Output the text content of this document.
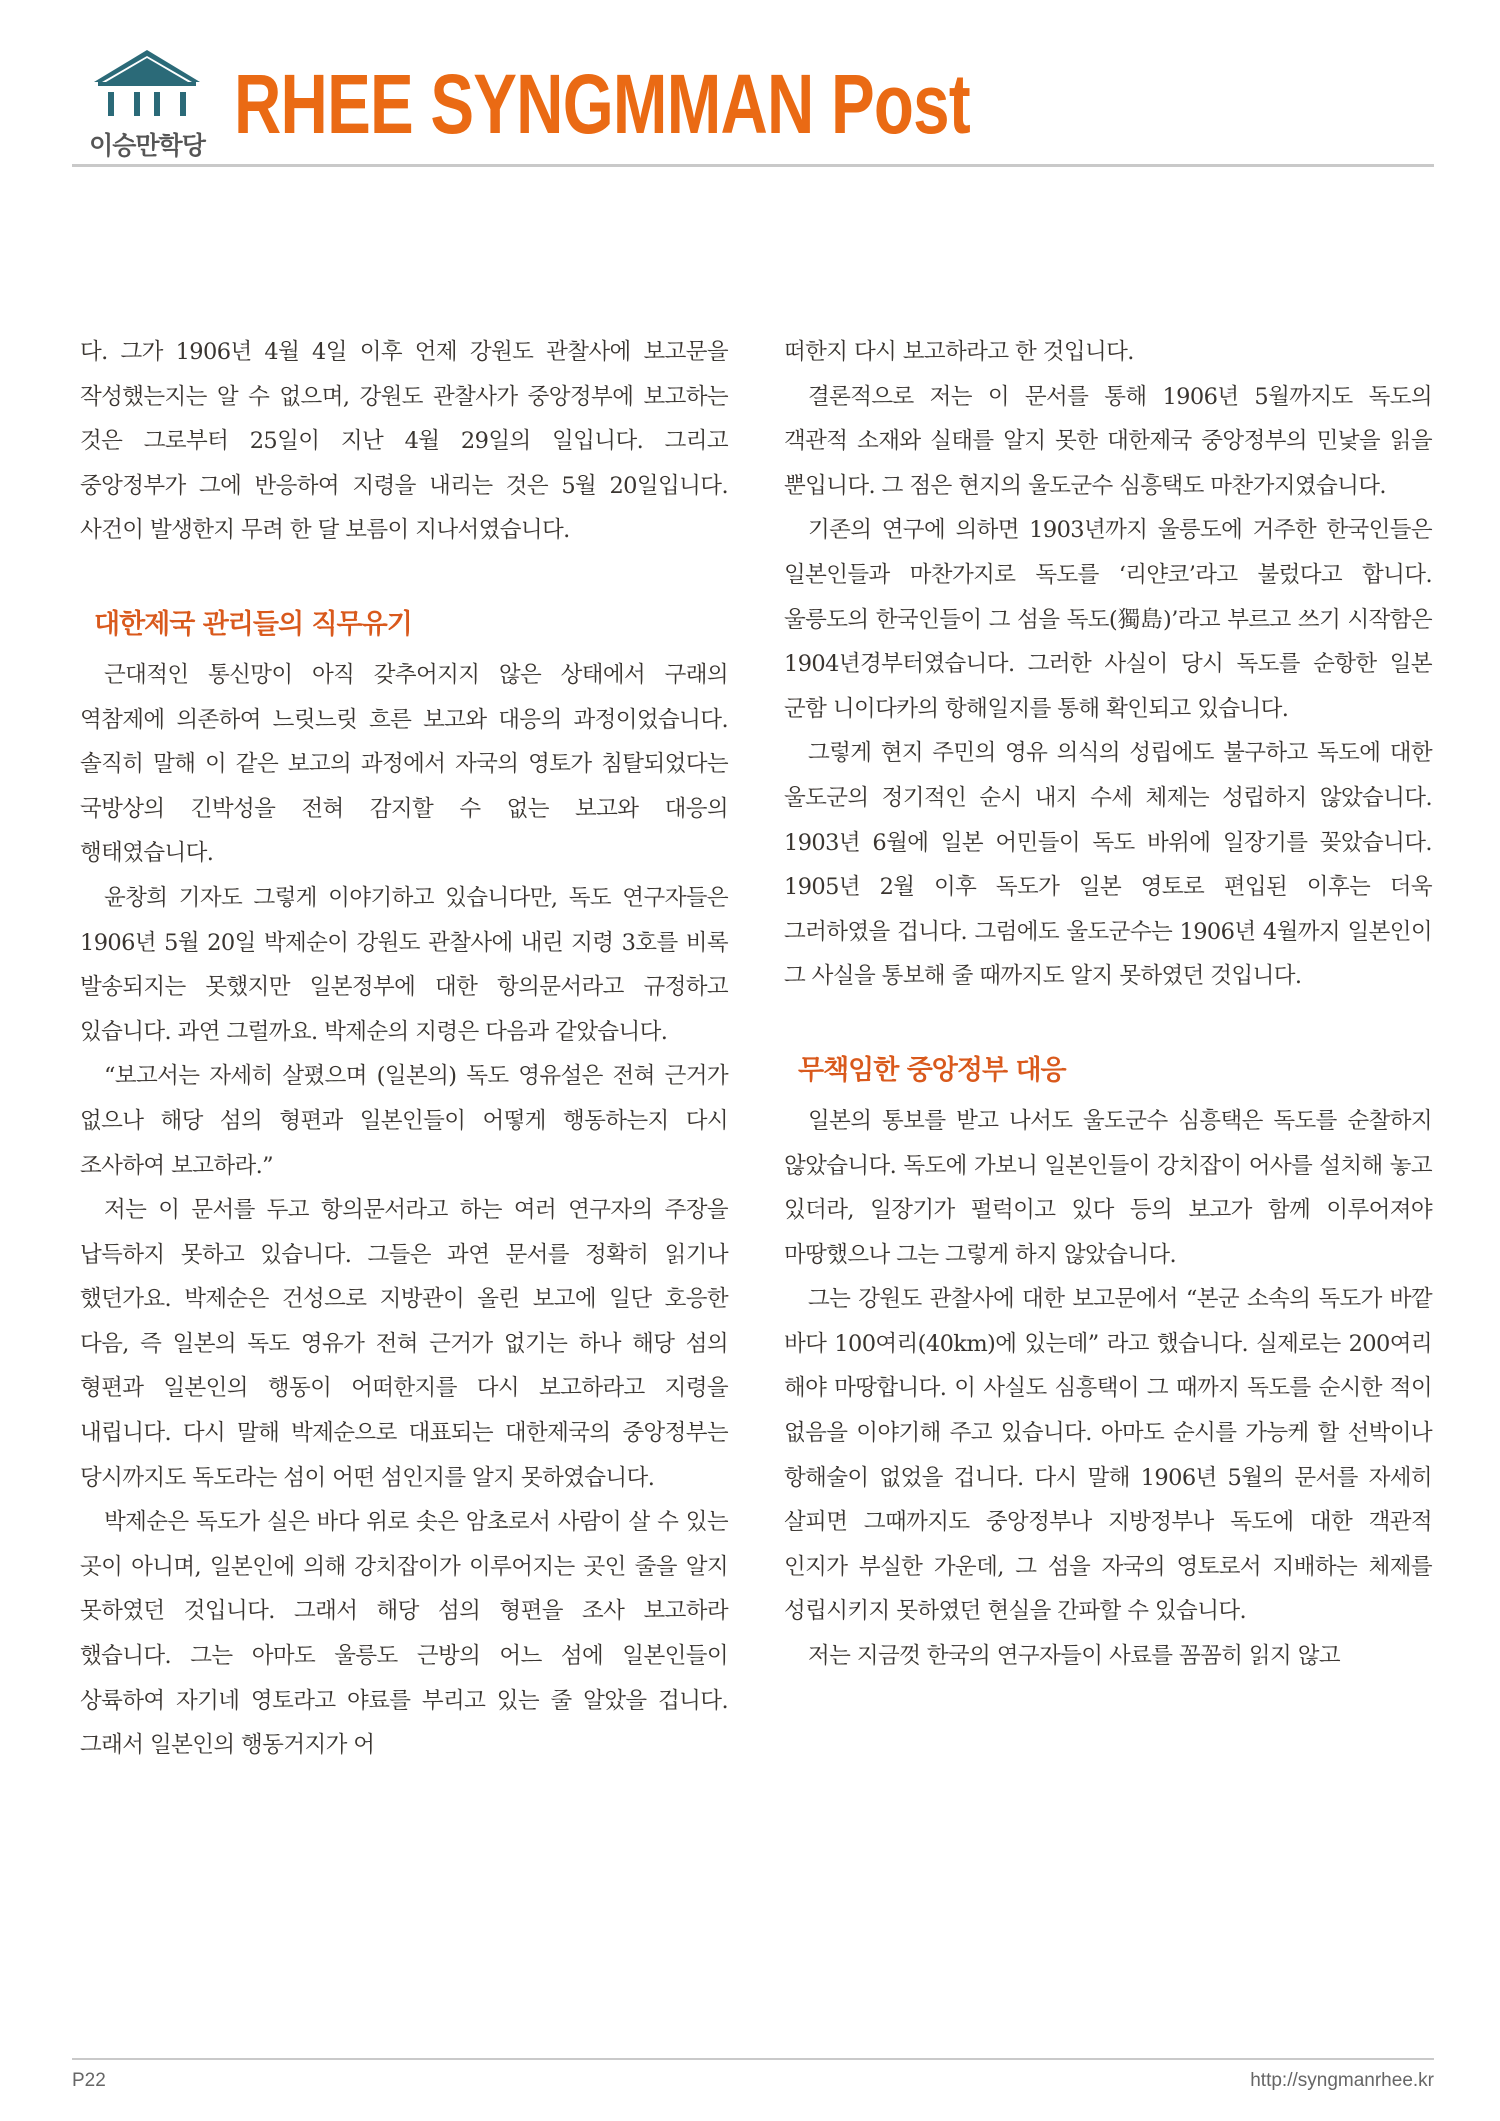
이승만학당 RHEE SYNGMMAN Post

다. 그가 1906년 4월 4일 이후 언제 강원도 관찰사에 보고문을 작성했는지는 알 수 없으며, 강원도 관찰사가 중앙정부에 보고하는 것은 그로부터 25일이 지난 4월 29일의 일입니다. 그리고 중앙정부가 그에 반응하여 지령을 내리는 것은 5월 20일입니다. 사건이 발생한지 무려 한 달 보름이 지나서였습니다.

대한제국 관리들의 직무유기

근대적인 통신망이 아직 갖추어지지 않은 상태에서 구래의 역참제에 의존하여 느릿느릿 흐른 보고와 대응의 과정이었습니다. 솔직히 말해 이 같은 보고의 과정에서 자국의 영토가 침탈되었다는 국방상의 긴박성을 전혀 감지할 수 없는 보고와 대응의 행태였습니다.

윤창희 기자도 그렇게 이야기하고 있습니다만, 독도 연구자들은 1906년 5월 20일 박제순이 강원도 관찰사에 내린 지령 3호를 비록 발송되지는 못했지만 일본정부에 대한 항의문서라고 규정하고 있습니다. 과연 그럴까요. 박제순의 지령은 다음과 같았습니다.

“보고서는 자세히 살폈으며 (일본의) 독도 영유설은 전혀 근거가 없으나 해당 섬의 형편과 일본인들이 어떻게 행동하는지 다시 조사하여 보고하라.”

저는 이 문서를 두고 항의문서라고 하는 여러 연구자의 주장을 납득하지 못하고 있습니다. 그들은 과연 문서를 정확히 읽기나 했던가요. 박제순은 건성으로 지방관이 올린 보고에 일단 호응한 다음, 즉 일본의 독도 영유가 전혀 근거가 없기는 하나 해당 섬의 형편과 일본인의 행동이 어떠한지를 다시 보고하라고 지령을 내립니다. 다시 말해 박제순으로 대표되는 대한제국의 중앙정부는 당시까지도 독도라는 섬이 어떤 섬인지를 알지 못하였습니다.

박제순은 독도가 실은 바다 위로 솟은 암초로서 사람이 살 수 있는 곳이 아니며, 일본인에 의해 강치잡이가 이루어지는 곳인 줄을 알지 못하였던 것입니다. 그래서 해당 섬의 형편을 조사 보고하라 했습니다. 그는 아마도 울릉도 근방의 어느 섬에 일본인들이 상륙하여 자기네 영토라고 야료를 부리고 있는 줄 알았을 겁니다. 그래서 일본인의 행동거지가 어

떠한지 다시 보고하라고 한 것입니다.

결론적으로 저는 이 문서를 통해 1906년 5월까지도 독도의 객관적 소재와 실태를 알지 못한 대한제국 중앙정부의 민낯을 읽을 뿐입니다. 그 점은 현지의 울도군수 심흥택도 마찬가지였습니다.

기존의 연구에 의하면 1903년까지 울릉도에 거주한 한국인들은 일본인들과 마찬가지로 독도를 ‘리얀코’라고 불렀다고 합니다. 울릉도의 한국인들이 그 섬을 독도(獨島)’라고 부르고 쓰기 시작함은 1904년경부터였습니다. 그러한 사실이 당시 독도를 순항한 일본 군함 니이다카의 항해일지를 통해 확인되고 있습니다.

그렇게 현지 주민의 영유 의식의 성립에도 불구하고 독도에 대한 울도군의 정기적인 순시 내지 수세 체제는 성립하지 않았습니다. 1903년 6월에 일본 어민들이 독도 바위에 일장기를 꽂았습니다. 1905년 2월 이후 독도가 일본 영토로 편입된 이후는 더욱 그러하였을 겁니다. 그럼에도 울도군수는 1906년 4월까지 일본인이 그 사실을 통보해 줄 때까지도 알지 못하였던 것입니다.

무책임한 중앙정부 대응

일본의 통보를 받고 나서도 울도군수 심흥택은 독도를 순찰하지 않았습니다. 독도에 가보니 일본인들이 강치잡이 어사를 설치해 놓고 있더라, 일장기가 펄럭이고 있다 등의 보고가 함께 이루어져야 마땅했으나 그는 그렇게 하지 않았습니다.

그는 강원도 관찰사에 대한 보고문에서 “본군 소속의 독도가 바깥 바다 100여리(40km)에 있는데” 라고 했습니다. 실제로는 200여리 해야 마땅합니다. 이 사실도 심흥택이 그 때까지 독도를 순시한 적이 없음을 이야기해 주고 있습니다. 아마도 순시를 가능케 할 선박이나 항해술이 없었을 겁니다. 다시 말해 1906년 5월의 문서를 자세히 살피면 그때까지도 중앙정부나 지방정부나 독도에 대한 객관적 인지가 부실한 가운데, 그 섬을 자국의 영토로서 지배하는 체제를 성립시키지 못하였던 현실을 간파할 수 있습니다.

저는 지금껏 한국의 연구자들이 사료를 꼼꼼히 읽지 않고

P22	http://syngmanrhee.kr
